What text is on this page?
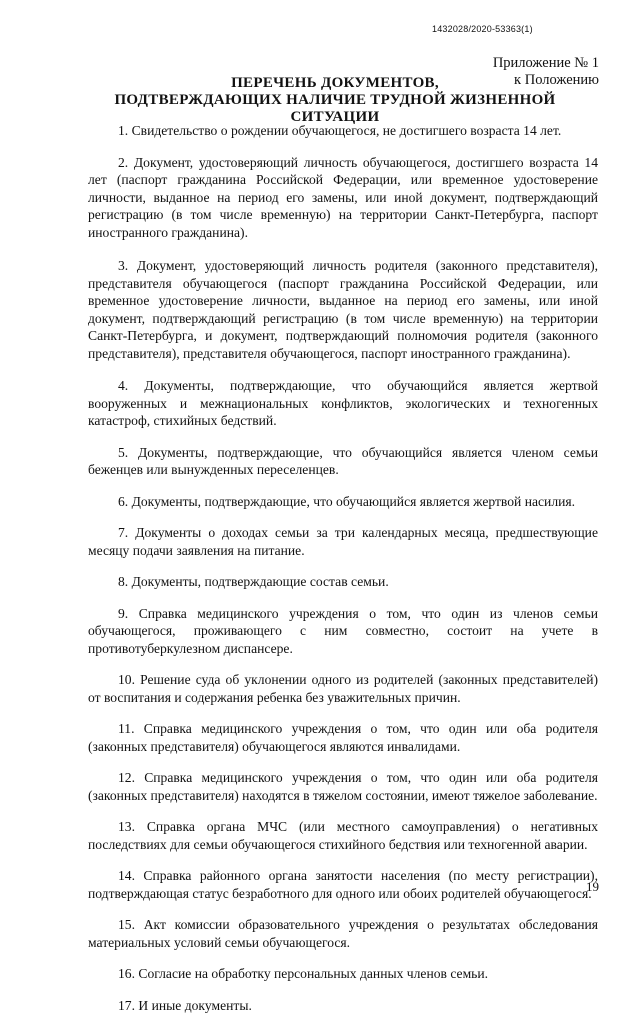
1432028/2020-53363(1)
Приложение № 1
к Положению
ПЕРЕЧЕНЬ ДОКУМЕНТОВ,
ПОДТВЕРЖДАЮЩИХ НАЛИЧИЕ ТРУДНОЙ ЖИЗНЕННОЙ СИТУАЦИИ

1. Свидетельство о рождении обучающегося, не достигшего возраста 14 лет.

2. Документ, удостоверяющий личность обучающегося, достигшего возраста 14 лет (паспорт гражданина Российской Федерации, или временное удостоверение личности, выданное на период его замены, или иной документ, подтверждающий регистрацию (в том числе временную) на территории Санкт-Петербурга, паспорт иностранного гражданина).

3. Документ, удостоверяющий личность родителя (законного представителя), представителя обучающегося (паспорт гражданина Российской Федерации, или временное удостоверение личности, выданное на период его замены, или иной документ, подтверждающий регистрацию (в том числе временную) на территории Санкт-Петербурга, и документ, подтверждающий полномочия родителя (законного представителя), представителя обучающегося, паспорт иностранного гражданина).

4. Документы, подтверждающие, что обучающийся является жертвой вооруженных и межнациональных конфликтов, экологических и техногенных катастроф, стихийных бедствий.

5. Документы, подтверждающие, что обучающийся является членом семьи беженцев или вынужденных переселенцев.

6. Документы, подтверждающие, что обучающийся является жертвой насилия.

7. Документы о доходах семьи за три календарных месяца, предшествующие месяцу подачи заявления на питание.

8. Документы, подтверждающие состав семьи.

9. Справка медицинского учреждения о том, что один из членов семьи обучающегося, проживающего с ним совместно, состоит на учете в противотуберкулезном диспансере.

10. Решение суда об уклонении одного из родителей (законных представителей) от воспитания и содержания ребенка без уважительных причин.

11. Справка медицинского учреждения о том, что один или оба родителя (законных представителя) обучающегося являются инвалидами.

12. Справка медицинского учреждения о том, что один или оба родителя (законных представителя) находятся в тяжелом состоянии, имеют тяжелое заболевание.

13. Справка органа МЧС (или местного самоуправления) о негативных последствиях для семьи обучающегося стихийного бедствия или техногенной аварии.

14. Справка районного органа занятости населения (по месту регистрации), подтверждающая статус безработного для одного или обоих родителей обучающегося.

15. Акт комиссии образовательного учреждения о результатах обследования материальных условий семьи обучающегося.

16. Согласие на обработку персональных данных членов семьи.

17. И иные документы.

19
